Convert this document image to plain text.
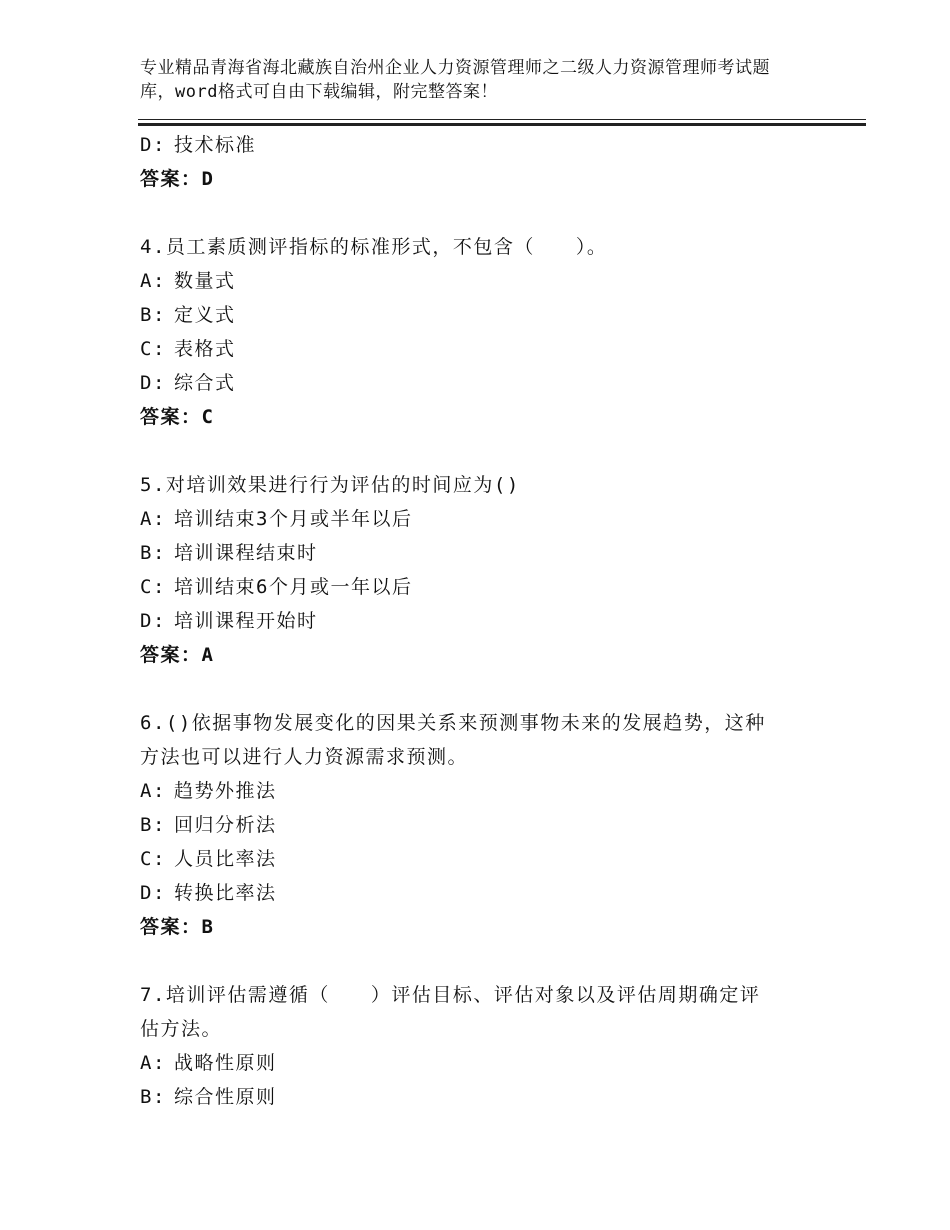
专业精品青海省海北藏族自治州企业人力资源管理师之二级人力资源管理师考试题
库，word格式可自由下载编辑，附完整答案！
D: 技术标准
答案：D
4.员工素质测评指标的标准形式，不包含（　　）。
A: 数量式
B: 定义式
C: 表格式
D: 综合式
答案：C
5.对培训效果进行行为评估的时间应为()
A: 培训结束3个月或半年以后
B: 培训课程结束时
C: 培训结束6个月或一年以后
D: 培训课程开始时
答案：A
6.()依据事物发展变化的因果关系来预测事物未来的发展趋势，这种
方法也可以进行人力资源需求预测。
A: 趋势外推法
B: 回归分析法
C: 人员比率法
D: 转换比率法
答案：B
7.培训评估需遵循（　　）评估目标、评估对象以及评估周期确定评
估方法。
A: 战略性原则
B: 综合性原则
